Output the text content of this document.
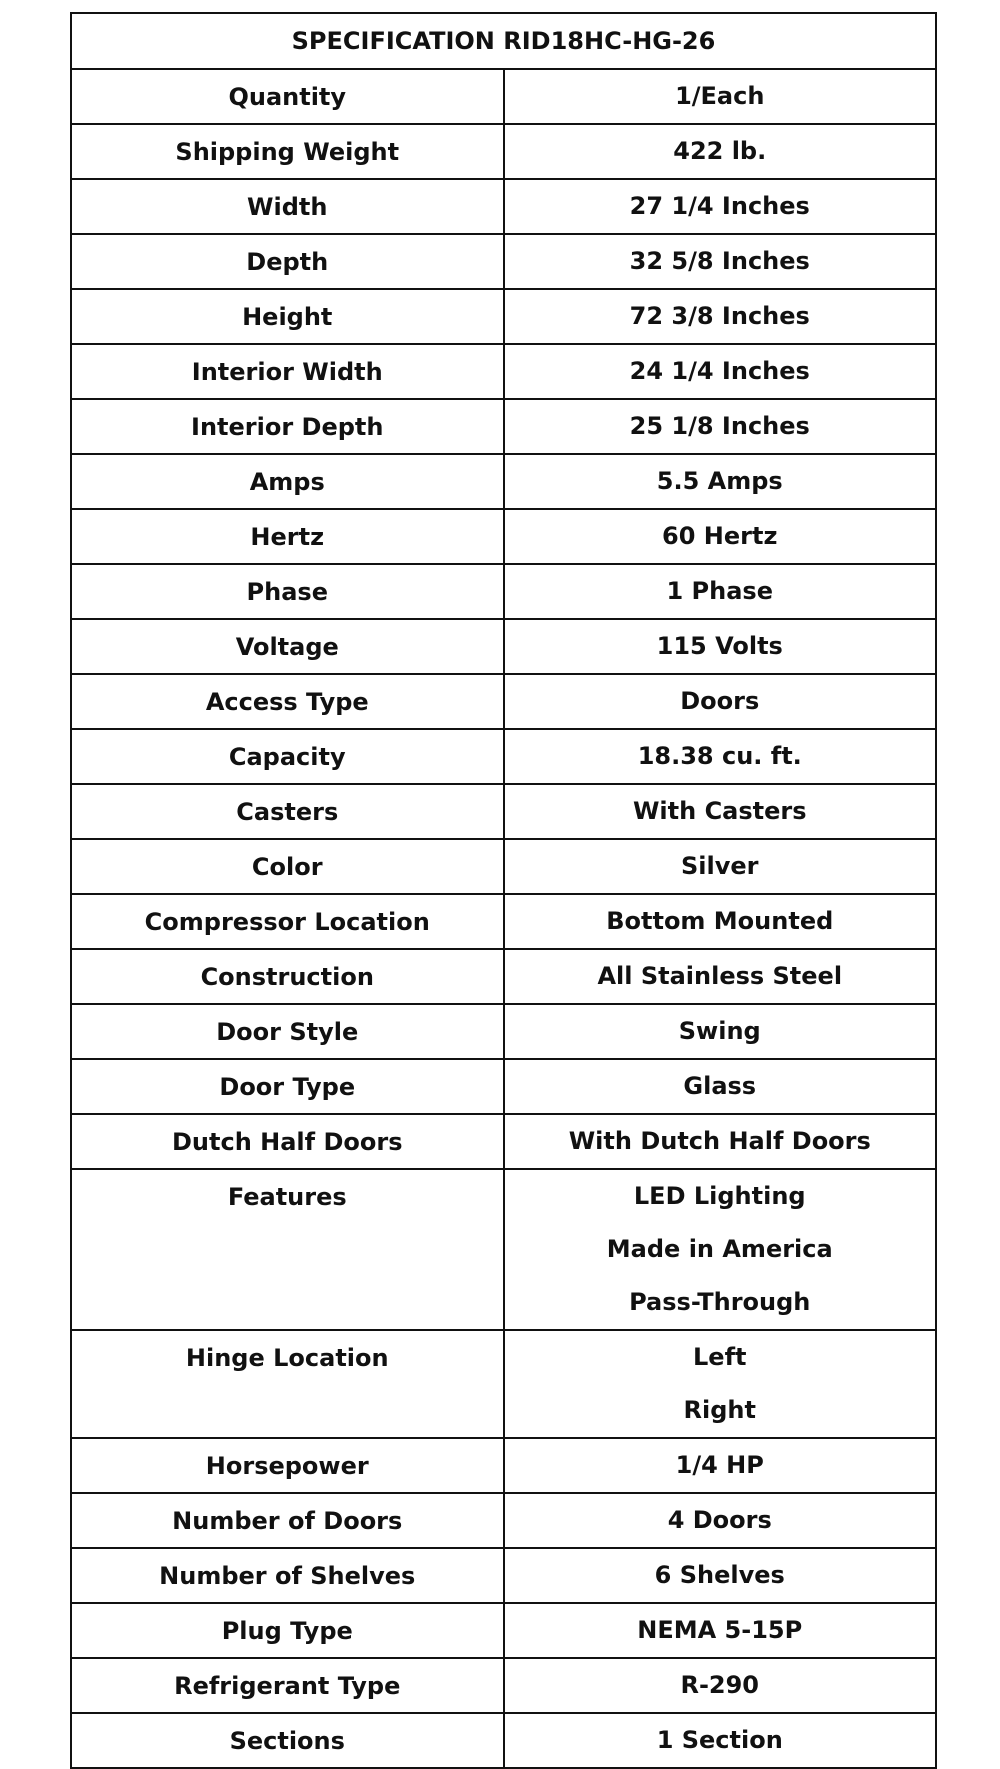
SPECIFICATION RID18HC-HG-26	
Quantity	1/Each

Shipping Weight	422 lb.

Width	27 1/4 Inches

Depth	32 5/8 Inches

Height	72 3/8 Inches

Interior Width	24 1/4 Inches

Interior Depth	25 1/8 Inches

Amps	5.5 Amps

Hertz	60 Hertz

Phase	1 Phase

Voltage	115 Volts

Access Type	Doors

Capacity	18.38 cu. ft.

Casters	With Casters

Color	Silver

Compressor Location	Bottom Mounted

Construction	All Stainless Steel

Door Style	Swing

Door Type	Glass

Dutch Half Doors	With Dutch Half Doors

Features	LED Lighting
Made in America
Pass-Through

Hinge Location	Left
Right

Horsepower	1/4 HP

Number of Doors	4 Doors

Number of Shelves	6 Shelves

Plug Type	NEMA 5-15P

Refrigerant Type	R-290

Sections	1 Section
